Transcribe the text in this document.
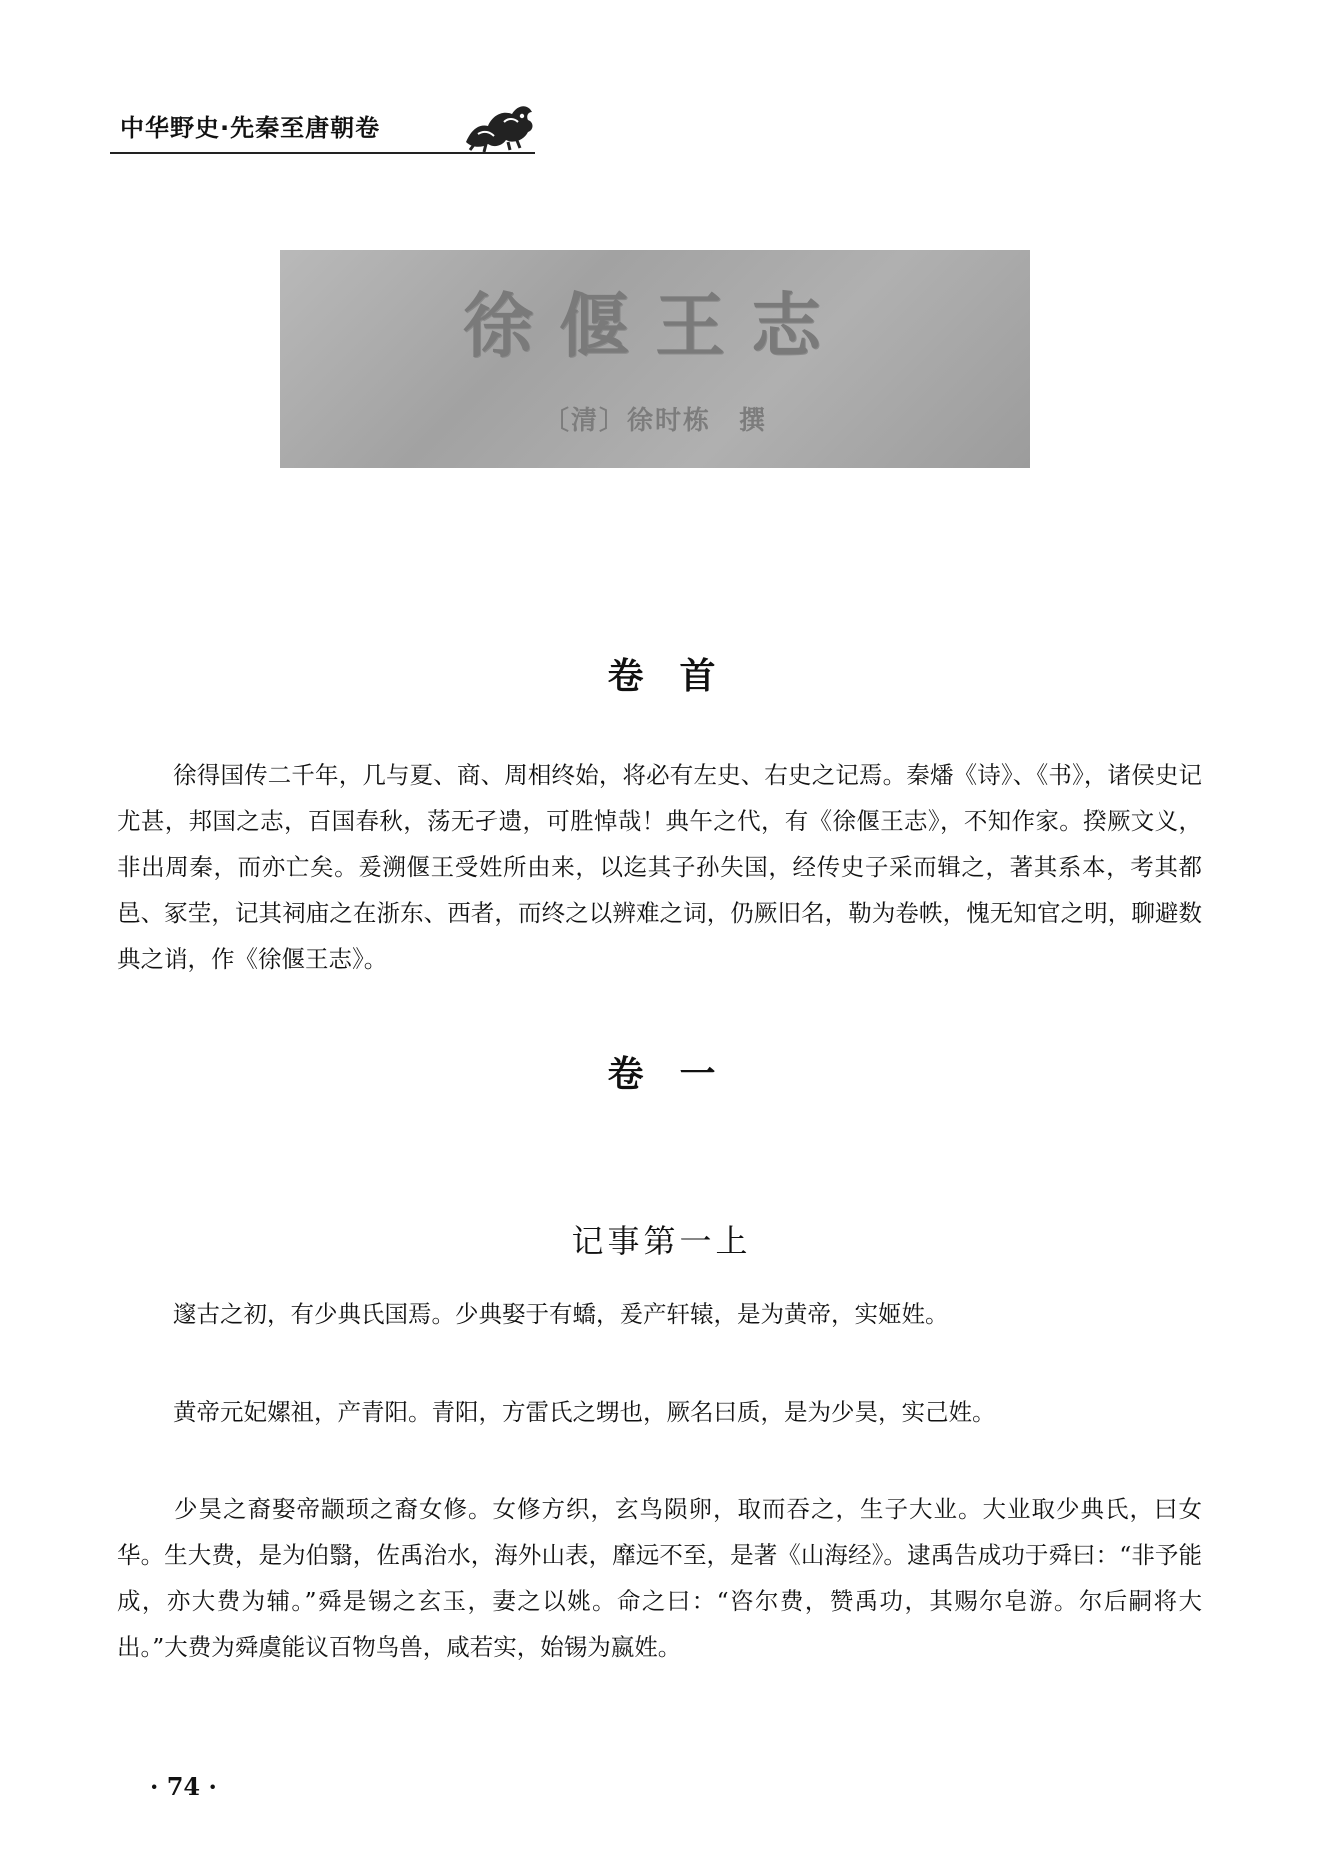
中华野史·先秦至唐朝卷
徐偃王志
〔清〕徐时栋　撰
卷首

徐得国传二千年，几与夏、商、周相终始，将必有左史、右史之记焉。秦燔《诗》、《书》，诸侯史记尤甚，邦国之志，百国春秋，荡无孑遗，可胜悼哉！典午之代，有《徐偃王志》，不知作家。揆厥文义，非出周秦，而亦亡矣。爰溯偃王受姓所由来，以迄其子孙失国，经传史子采而辑之，著其系本，考其都邑、冢茔，记其祠庙之在浙东、西者，而终之以辨难之词，仍厥旧名，勒为卷帙，愧无知官之明，聊避数典之诮，作《徐偃王志》。

卷一
记事第一上

邃古之初，有少典氏国焉。少典娶于有蟜，爰产轩辕，是为黄帝，实姬姓。

黄帝元妃嫘祖，产青阳。青阳，方雷氏之甥也，厥名曰质，是为少昊，实己姓。

少昊之裔娶帝颛顼之裔女修。女修方织，玄鸟陨卵，取而吞之，生子大业。大业取少典氏，曰女华。生大费，是为伯翳，佐禹治水，海外山表，靡远不至，是著《山海经》。逮禹告成功于舜曰：“非予能成，亦大费为辅。”舜是锡之玄玉，妻之以姚。命之曰：“咨尔费，赞禹功，其赐尔皂游。尔后嗣将大出。”大费为舜虞能议百物鸟兽，咸若实，始锡为嬴姓。

· 74 ·
